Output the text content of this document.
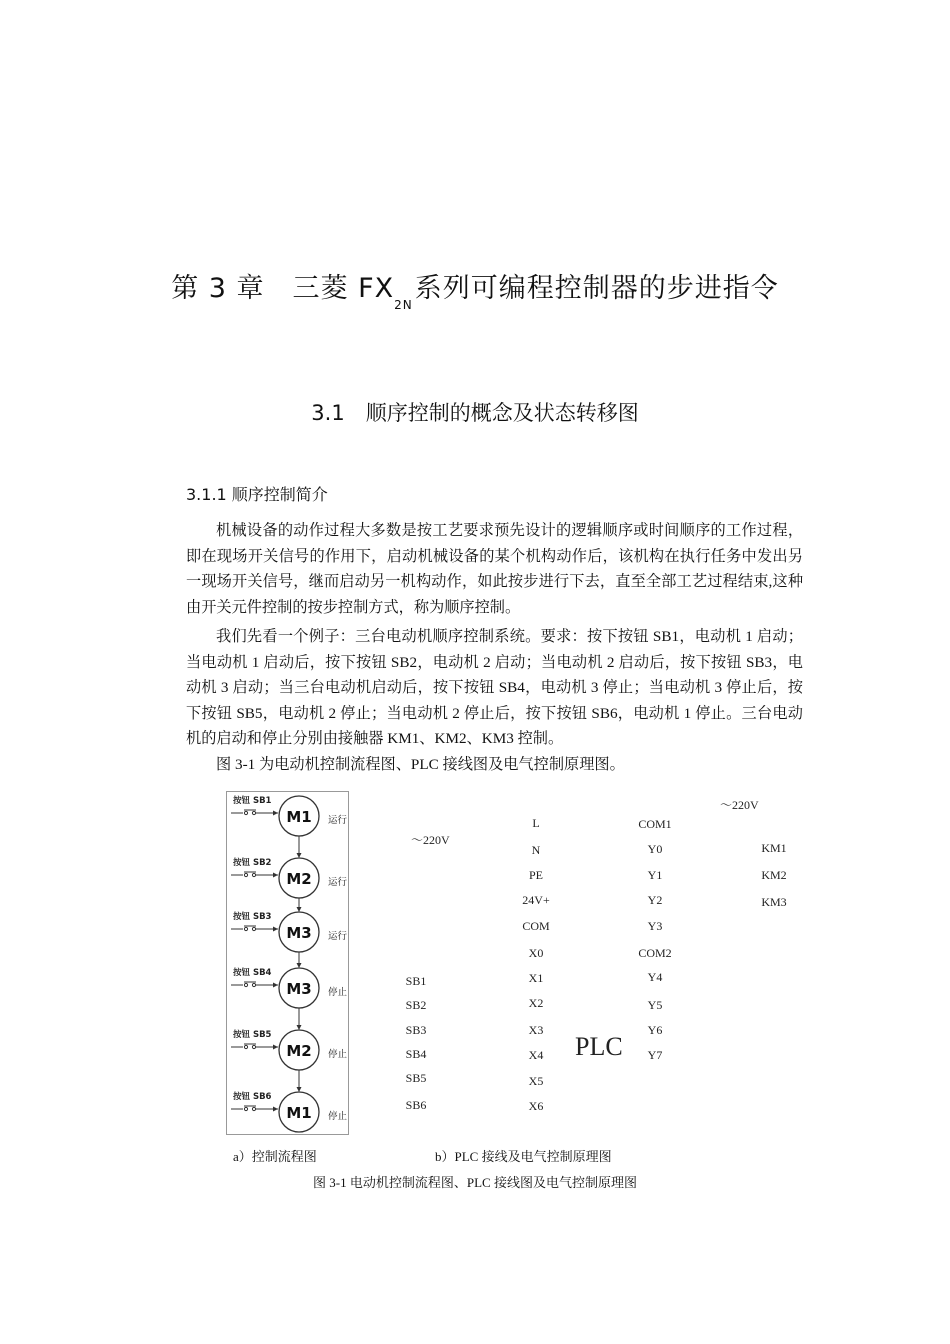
第 3 章　三菱 $FX_{2N}$系列可编程控制器的步进指令
3.1　顺序控制的概念及状态转移图
3.1.1 顺序控制简介
机械设备的动作过程大多数是按工艺要求预先设计的逻辑顺序或时间顺序的工作过程，
即在现场开关信号的作用下，启动机械设备的某个机构动作后，该机构在执行任务中发出另
一现场开关信号，继而启动另一机构动作，如此按步进行下去，直至全部工艺过程结束,这种
由开关元件控制的按步控制方式，称为顺序控制。
我们先看一个例子：三台电动机顺序控制系统。要求：按下按钮 SB1，电动机 1 启动；
当电动机 1 启动后，按下按钮 SB2，电动机 2 启动；当电动机 2 启动后，按下按钮 SB3，电
动机 3 启动；当三台电动机启动后，按下按钮 SB4，电动机 3 停止；当电动机 3 停止后，按
下按钮 SB5，电动机 2 停止；当电动机 2 停止后，按下按钮 SB6，电动机 1 停止。三台电动
机的启动和停止分别由接触器 KM1、KM2、KM3 控制。
图 3-1 为电动机控制流程图、PLC 接线图及电气控制原理图。
按钮 SB1
M1 运行
按钮 SB2
M2 运行
按钮 SB3
M3 运行
按钮 SB4
M3 停止
按钮 SB5
M2 停止
按钮 SB6
M1 停止
～220V
～220V
PLC
L
N
PE
24V+
COM
X0
X1
X2
X3
X4
X5
X6
COM1
Y0
Y1
Y2
Y3
COM2
Y4
Y5
Y6
Y7
SB1
SB2
SB3
SB4
SB5
SB6
KM1
KM2
KM3
a）控制流程图	b）PLC 接线及电气控制原理图
图 3-1 电动机控制流程图、PLC 接线图及电气控制原理图
